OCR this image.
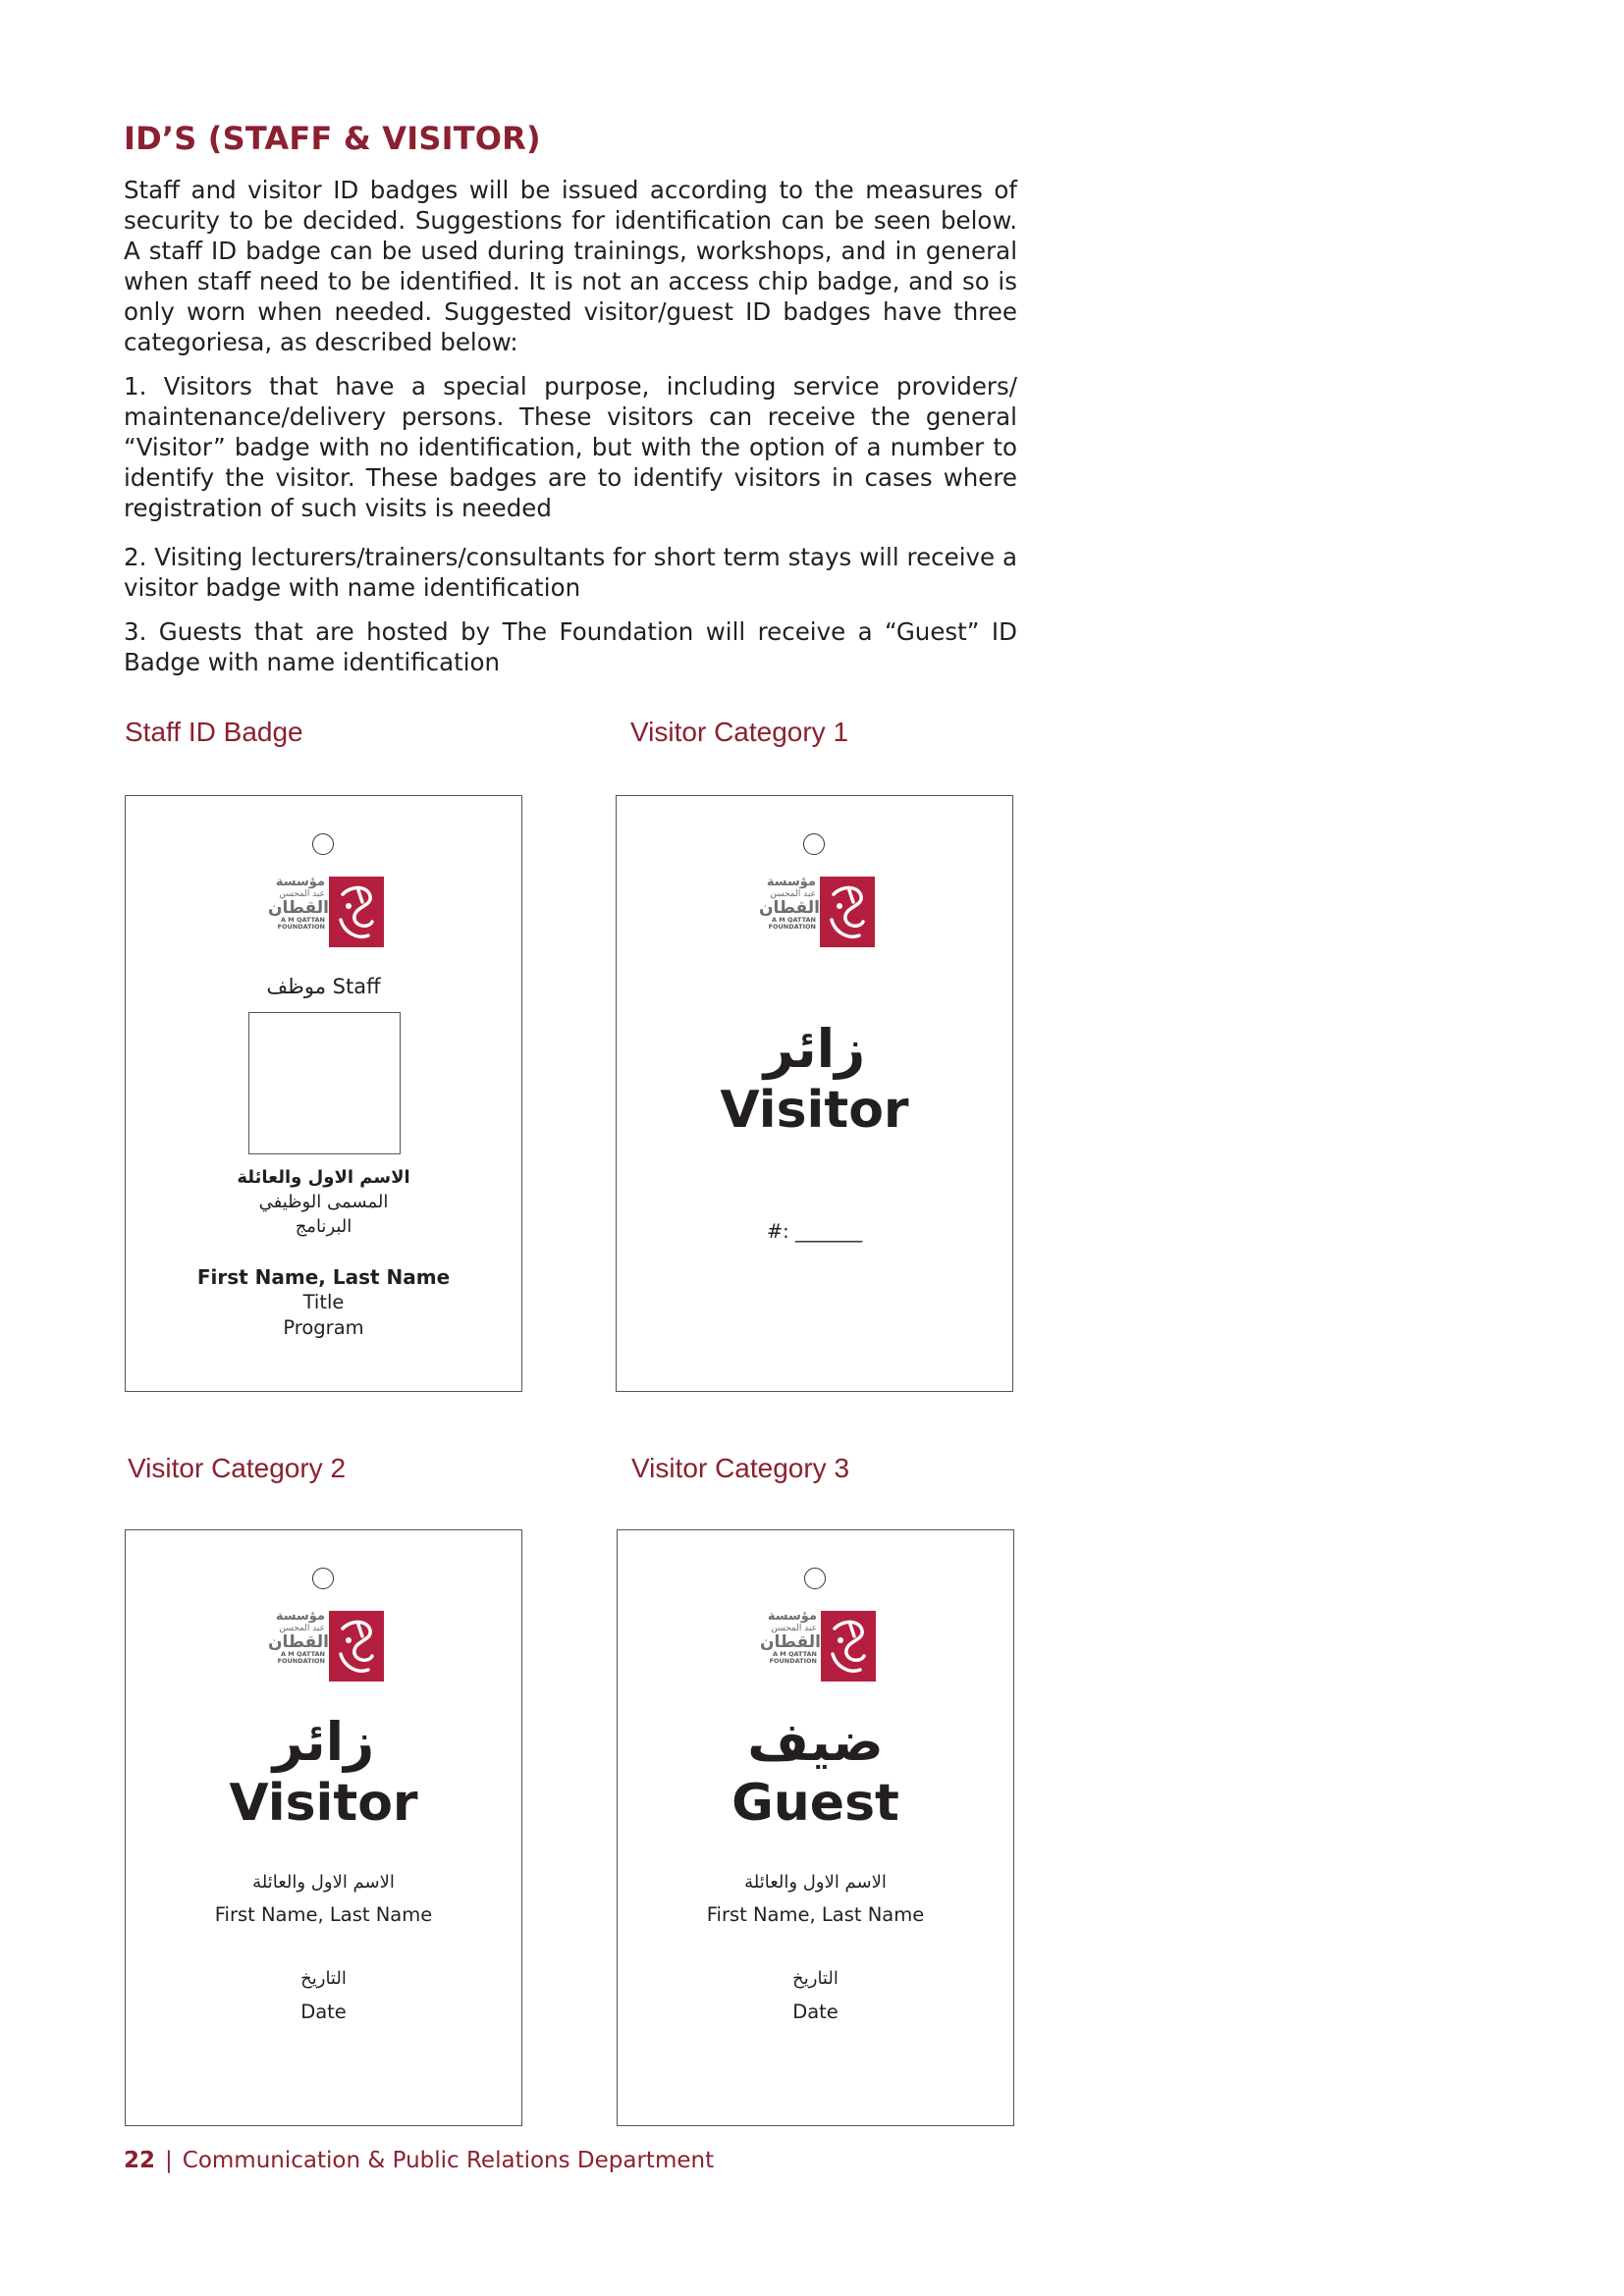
ID’S (STAFF & VISITOR)

Staff and visitor ID badges will be issued according to the measures of security to be decided. Suggestions for identification can be seen below. A staff ID badge can be used during trainings, workshops, and in general when staff need to be identified. It is not an access chip badge, and so is only worn when needed. Suggested visitor/guest ID badges have three categoriesa, as described below:

1. Visitors that have a special purpose, including service providers/ maintenance/delivery persons. These visitors can receive the general “Visitor” badge with no identification, but with the option of a number to identify the visitor. These badges are to identify visitors in cases where registration of such visits is needed

2. Visiting lecturers/trainers/consultants for short term stays will receive a visitor badge with name identification

3. Guests that are hosted by The Foundation will receive a “Guest” ID Badge with name identification

Staff ID Badge	Visitor Category 1

Visitor Category 2	Visitor Category 3

مؤسسة
عبد المحسن
القطان
A M QATTAN
FOUNDATION
موظف Staff

الاسم الاول والعائلة

المسمى الوظيفي

البرنامج

First Name, Last Name

Title

Program

مؤسسة
عبد المحسن
القطان
A M QATTAN
FOUNDATION

زائر

Visitor

#: _______

مؤسسة
عبد المحسن
القطان
A M QATTAN
FOUNDATION

زائر

Visitor

الاسم الاول والعائلة

First Name, Last Name

التاريخ

Date

مؤسسة
عبد المحسن
القطان
A M QATTAN
FOUNDATION

ضيف

Guest

الاسم الاول والعائلة

First Name, Last Name

التاريخ

Date

22 | Communication & Public Relations Department
